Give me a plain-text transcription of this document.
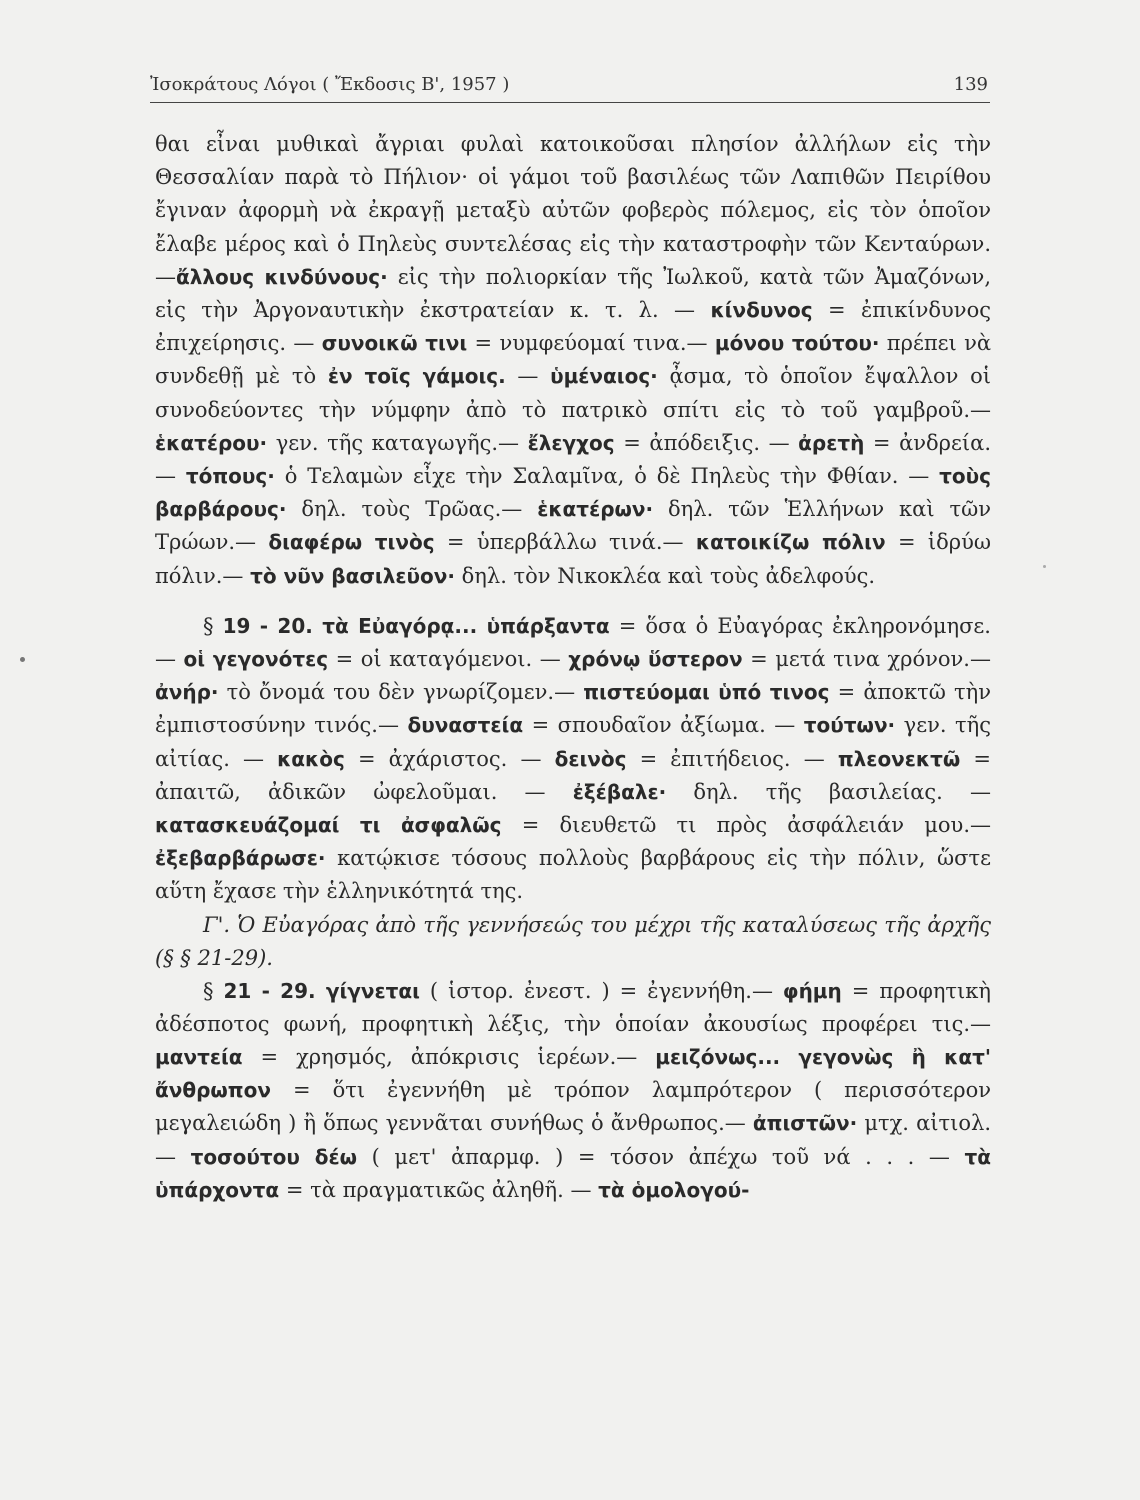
Ἰσοκράτους Λόγοι ( Ἔκδοσις Β', 1957 )	139

θαι εἶναι μυθικαὶ ἄγριαι φυλαὶ κατοικοῦσαι πλησίον ἀλλήλων εἰς τὴν Θεσσαλίαν παρὰ τὸ Πήλιον· οἱ γάμοι τοῦ βασιλέως τῶν Λαπιθῶν Πειρίθου ἔγιναν ἀφορμὴ νὰ ἐκραγῇ μεταξὺ αὐτῶν φοβερὸς πόλεμος, εἰς τὸν ὁποῖον ἔλαβε μέρος καὶ ὁ Πηλεὺς συντελέσας εἰς τὴν καταστροφὴν τῶν Κενταύρων.—ἄλλους κινδύνους· εἰς τὴν πολιορκίαν τῆς Ἰωλκοῦ, κατὰ τῶν Ἀμαζόνων, εἰς τὴν Ἀργοναυτικὴν ἐκστρατείαν κ. τ. λ. — κίνδυνος = ἐπικίνδυνος ἐπιχείρησις. — συνοικῶ τινι = νυμφεύομαί τινα.— μόνου τούτου· πρέπει νὰ συνδεθῇ μὲ τὸ ἐν τοῖς γάμοις. — ὑμέναιος· ᾆσμα, τὸ ὁποῖον ἔψαλλον οἱ συνοδεύοντες τὴν νύμφην ἀπὸ τὸ πατρικὸ σπίτι εἰς τὸ τοῦ γαμβροῦ.— ἑκατέρου· γεν. τῆς καταγωγῆς.— ἔλεγχος = ἀπόδειξις. — ἀρετὴ = ἀνδρεία. — τόπους· ὁ Τελαμὼν εἶχε τὴν Σαλαμῖνα, ὁ δὲ Πηλεὺς τὴν Φθίαν. — τοὺς βαρβάρους· δηλ. τοὺς Τρῶας.— ἑκατέρων· δηλ. τῶν Ἑλλήνων καὶ τῶν Τρώων.— διαφέρω τινὸς = ὑπερβάλλω τινά.— κατοικίζω πόλιν = ἱδρύω πόλιν.— τὸ νῦν βασιλεῦον· δηλ. τὸν Νικοκλέα καὶ τοὺς ἀδελφούς.

§ 19 - 20. τὰ Εὐαγόρᾳ... ὑπάρξαντα = ὅσα ὁ Εὐαγόρας ἐκληρονόμησε. — οἱ γεγονότες = οἱ καταγόμενοι. — χρόνῳ ὕστερον = μετά τινα χρόνον.— ἀνήρ· τὸ ὄνομά του δὲν γνωρίζομεν.— πιστεύομαι ὑπό τινος = ἀποκτῶ τὴν ἐμπιστοσύνην τινός.— δυναστεία = σπουδαῖον ἀξίωμα. — τούτων· γεν. τῆς αἰτίας. — κακὸς = ἀχάριστος. — δεινὸς = ἐπιτήδειος. — πλεονεκτῶ = ἀπαιτῶ, ἀδικῶν ὠφελοῦμαι. — ἐξέβαλε· δηλ. τῆς βασιλείας. — κατασκευάζομαί τι ἀσφαλῶς = διευθετῶ τι πρὸς ἀσφάλειάν μου.— ἐξεβαρβάρωσε· κατῴκισε τόσους πολλοὺς βαρβάρους εἰς τὴν πόλιν, ὥστε αὕτη ἔχασε τὴν ἑλληνικότητά της.

Γ'. Ὁ Εὐαγόρας ἀπὸ τῆς γεννήσεώς του μέχρι τῆς καταλύσεως τῆς ἀρχῆς (§ § 21-29).

§ 21 - 29. γίγνεται ( ἱστορ. ἐνεστ. ) = ἐγεννήθη.— φήμη = προφητικὴ ἀδέσποτος φωνή, προφητικὴ λέξις, τὴν ὁποίαν ἀκουσίως προφέρει τις.— μαντεία = χρησμός, ἀπόκρισις ἱερέων.— μειζόνως... γεγονὼς ἢ κατ' ἄνθρωπον = ὅτι ἐγεννήθη μὲ τρόπον λαμπρότερον ( περισσότερον μεγαλειώδη ) ἢ ὅπως γεννᾶται συνήθως ὁ ἄνθρωπος.— ἀπιστῶν· μτχ. αἰτιολ. — τοσούτου δέω ( μετ' ἀπαρμφ. ) = τόσον ἀπέχω τοῦ νά . . . — τὰ ὑπάρχοντα = τὰ πραγματικῶς ἀληθῆ. — τὰ ὁμολογού-
